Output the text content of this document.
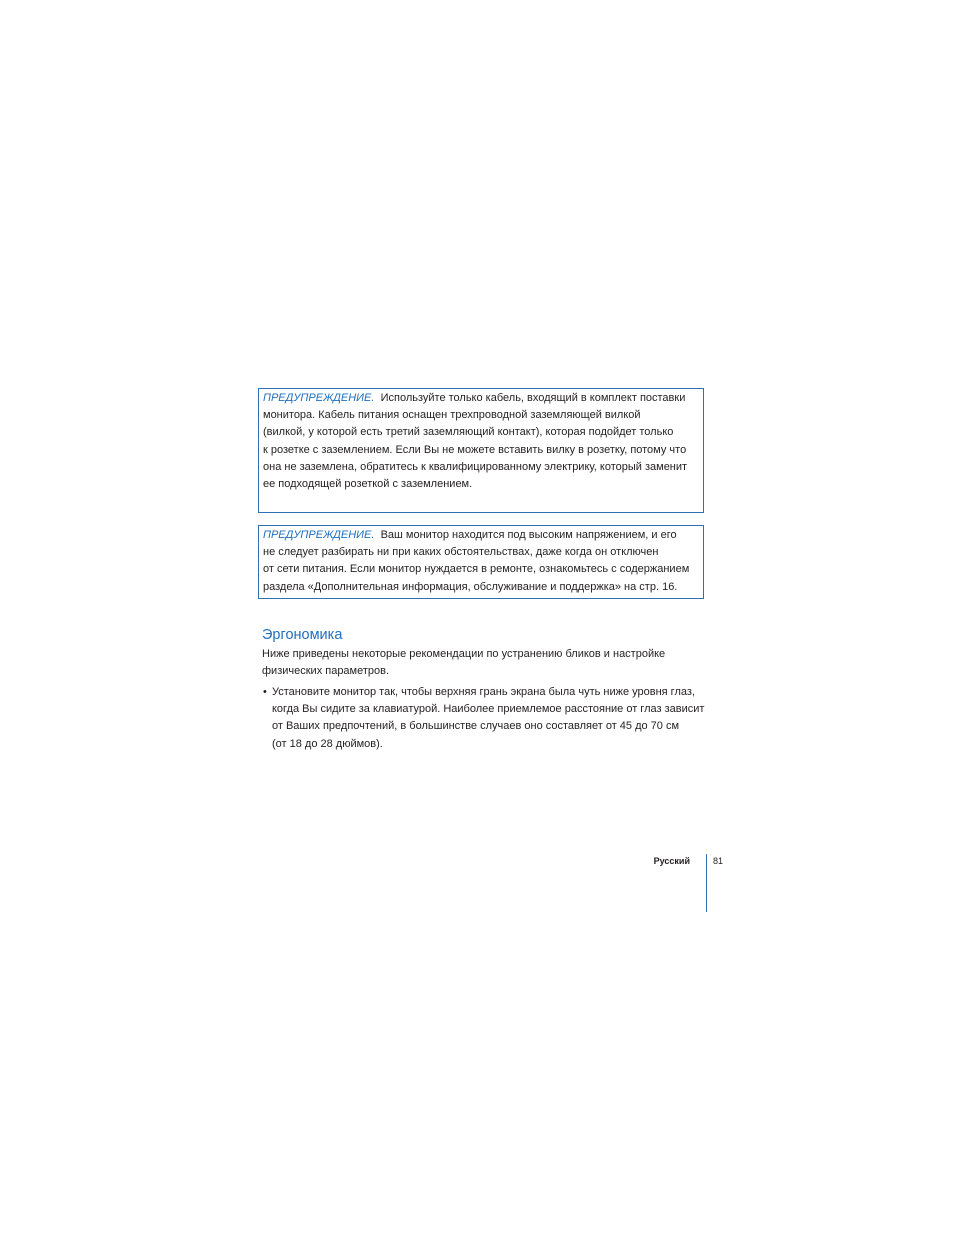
ПРЕДУПРЕЖДЕНИЕ. Используйте только кабель, входящий в комплект поставки
монитора. Кабель питания оснащен трехпроводной заземляющей вилкой
(вилкой, у которой есть третий заземляющий контакт), которая подойдет только
к розетке с заземлением. Если Вы не можете вставить вилку в розетку, потому что
она не заземлена, обратитесь к квалифицированному электрику, который заменит
ее подходящей розеткой с заземлением.
ПРЕДУПРЕЖДЕНИЕ. Ваш монитор находится под высоким напряжением, и его
не следует разбирать ни при каких обстоятельствах, даже когда он отключен
от сети питания. Если монитор нуждается в ремонте, ознакомьтесь с содержанием
раздела «Дополнительная информация, обслуживание и поддержка» на стр. 16.
Эргономика

Ниже приведены некоторые рекомендации по устранению бликов и настройке
физических параметров.

• Установите монитор так, чтобы верхняя грань экрана была чуть ниже уровня глаз,
когда Вы сидите за клавиатурой. Наиболее приемлемое расстояние от глаз зависит
от Ваших предпочтений, в большинстве случаев оно составляет от 45 до 70 см
(от 18 до 28 дюймов).
Русский	81
